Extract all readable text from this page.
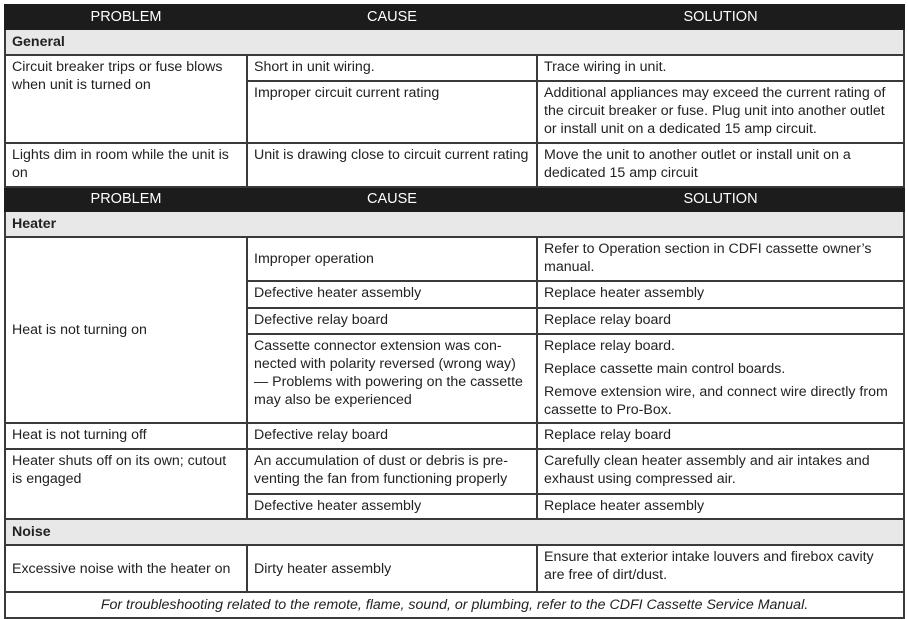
PROBLEM	CAUSE	SOLUTION
General		
Circuit breaker trips or fuse blows when unit is turned on	Short in unit wiring.	Trace wiring in unit.

	Improper circuit current rating	Additional appliances may exceed the current rating of the circuit breaker or fuse. Plug unit into another outlet or install unit on a dedicated 15 amp circuit.

Lights dim in room while the unit is on	Unit is drawing close to circuit current rating	Move the unit to another outlet or install unit on a dedicated 15 amp circuit

PROBLEM	CAUSE	SOLUTION
Heater		
Heat is not turning on	Improper operation	Refer to Operation section in CDFI cassette owner’s manual.

	Defective heater assembly	Replace heater assembly

	Defective relay board	Replace relay board

	Cassette connector extension was con-nected with polarity reversed (wrong way) — Problems with powering on the cassette may also be experienced	Replace relay board.
Replace cassette main control boards.
Remove extension wire, and connect wire directly from cassette to Pro-Box.

Heat is not turning off	Defective relay board	Replace relay board

Heater shuts off on its own; cutout is engaged	An accumulation of dust or debris is pre-venting the fan from functioning properly	Carefully clean heater assembly and air intakes and exhaust using compressed air.

	Defective heater assembly	Replace heater assembly

Noise		
Excessive noise with the heater on	Dirty heater assembly	Ensure that exterior intake louvers and firebox cavity are free of dirt/dust.

For troubleshooting related to the remote, flame, sound, or plumbing, refer to the CDFI Cassette Service Manual.		
